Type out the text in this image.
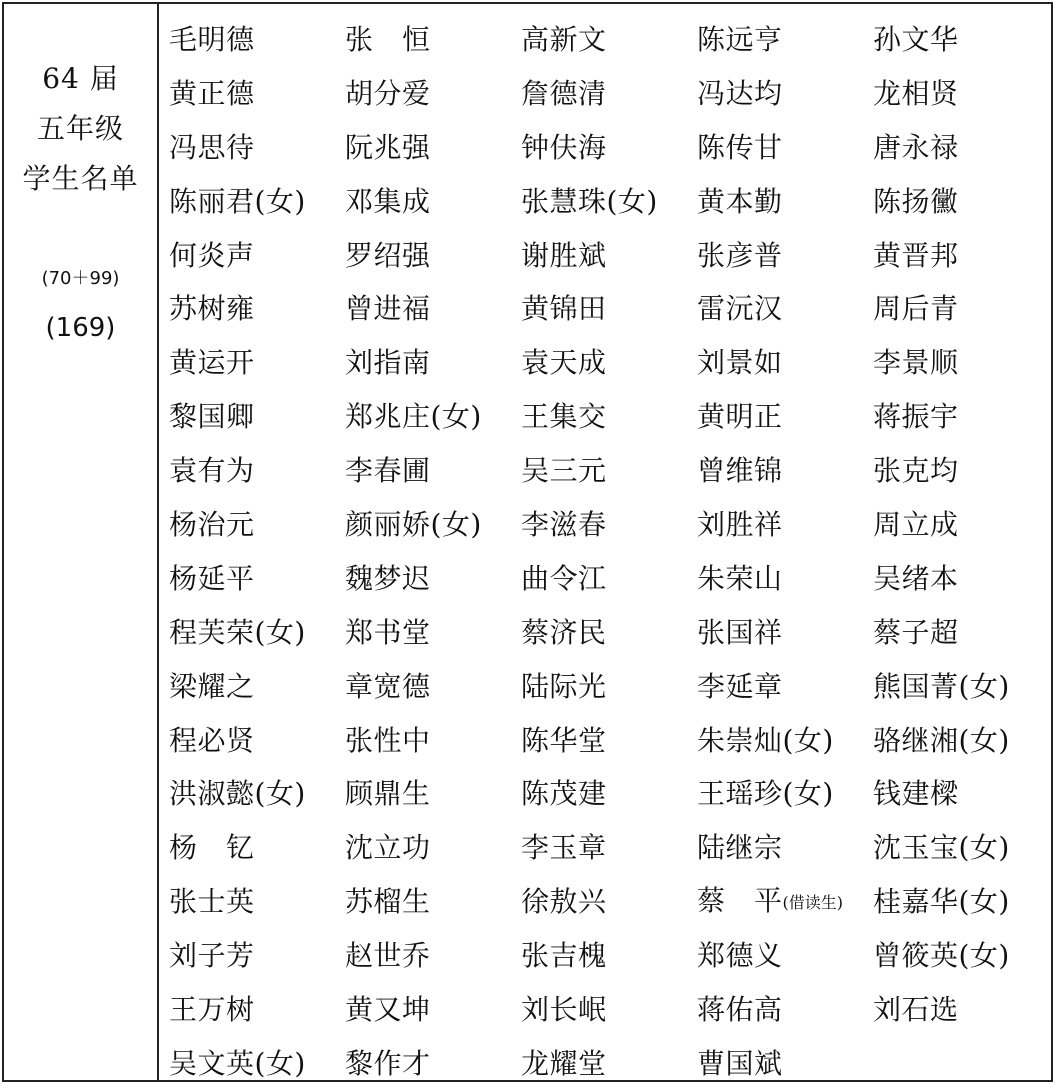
64 届
五年级
学生名单
(70＋99)
(169)
毛明德	张　恒	高新文	陈远亨	孙文华
黄正德	胡分爱	詹德清	冯达均	龙相贤
冯思待	阮兆强	钟伕海	陈传甘	唐永禄
陈丽君(女)	邓集成	张慧珠(女)	黄本勤	陈扬黴
何炎声	罗绍强	谢胜斌	张彦普	黄晋邦
苏树雍	曾进福	黄锦田	雷沅汉	周后青
黄运开	刘指南	袁天成	刘景如	李景顺
黎国卿	郑兆庄(女)	王集交	黄明正	蒋振宇
袁有为	李春圃	吴三元	曾维锦	张克均
杨治元	颜丽娇(女)	李滋春	刘胜祥	周立成
杨延平	魏梦迟	曲令江	朱荣山	吴绪本
程芙荣(女)	郑书堂	蔡济民	张国祥	蔡子超
梁耀之	章宽德	陆际光	李延章	熊国菁(女)
程必贤	张性中	陈华堂	朱崇灿(女)	骆继湘(女)
洪淑懿(女)	顾鼎生	陈茂建	王瑶珍(女)	钱建樑
杨　钇	沈立功	李玉章	陆继宗	沈玉宝(女)
张士英	苏榴生	徐敖兴	蔡　平(借读生)	桂嘉华(女)
刘子芳	赵世乔	张吉槐	郑德义	曾筱英(女)
王万树	黄又坤	刘长岷	蒋佑高	刘石选
吴文英(女)	黎作才	龙耀堂	曹国斌
